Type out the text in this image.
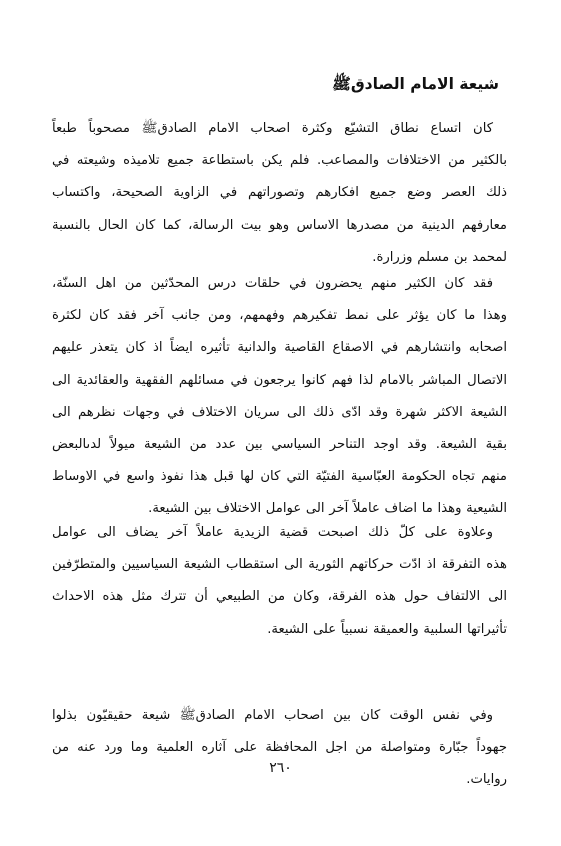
شيعة الامام الصادقﷺ

كان اتساع نطاق التشيّع وكثرة اصحاب الامام الصادقﷺ مصحوباً طبعاً
بالكثير من الاختلافات والمصاعب. فلم يكن باستطاعة جميع تلاميذه وشيعته في
ذلك العصر وضع جميع افكارهم وتصوراتهم في الزاوية الصحيحة، واكتساب
معارفهم الدينية من مصدرها الاساس وهو بيت الرسالة، كما كان الحال بالنسبة
لمحمد بن مسلم وزرارة.

فقد كان الكثير منهم يحضرون في حلقات درس المحدّثين من اهل السنّة،
وهذا ما كان يؤثر على نمط تفكيرهم وفهمهم، ومن جانب آخر فقد كان لكثرة
اصحابه وانتشارهم في الاصقاع القاصية والدانية تأثيره ايضاً اذ كان يتعذر عليهم
الاتصال المباشر بالامام لذا فهم كانوا يرجعون في مسائلهم الفقهية والعقائدية الى
الشيعة الاكثر شهرة وقد ادّى ذلك الى سريان الاختلاف في وجهات نظرهم الى
بقية الشيعة. وقد اوجد التناحر السياسي بين عدد من الشيعة ميولاً لدىالبعض
منهم تجاه الحكومة العبّاسية الفتيّة التي كان لها قبل هذا نفوذ واسع في الاوساط
الشيعية وهذا ما اضاف عاملاً آخر الى عوامل الاختلاف بين الشيعة.

وعلاوة على كلّ ذلك اصبحت قضية الزيدية عاملاً آخر يضاف الى عوامل
هذه التفرقة اذ ادّت حركاتهم الثورية الى استقطاب الشيعة السياسيين والمتطرّفين
الى الالتفاف حول هذه الفرقة، وكان من الطبيعي أن تترك مثل هذه الاحداث
تأثيراتها السلبية والعميقة نسبياً على الشيعة.

وفي نفس الوقت كان بين اصحاب الامام الصادقﷺ شيعة حقيقيّون بذلوا
جهوداً جبّارة ومتواصلة من اجل المحافظة على آثاره العلمية وما ورد عنه من
روايات.

٢٦٠
